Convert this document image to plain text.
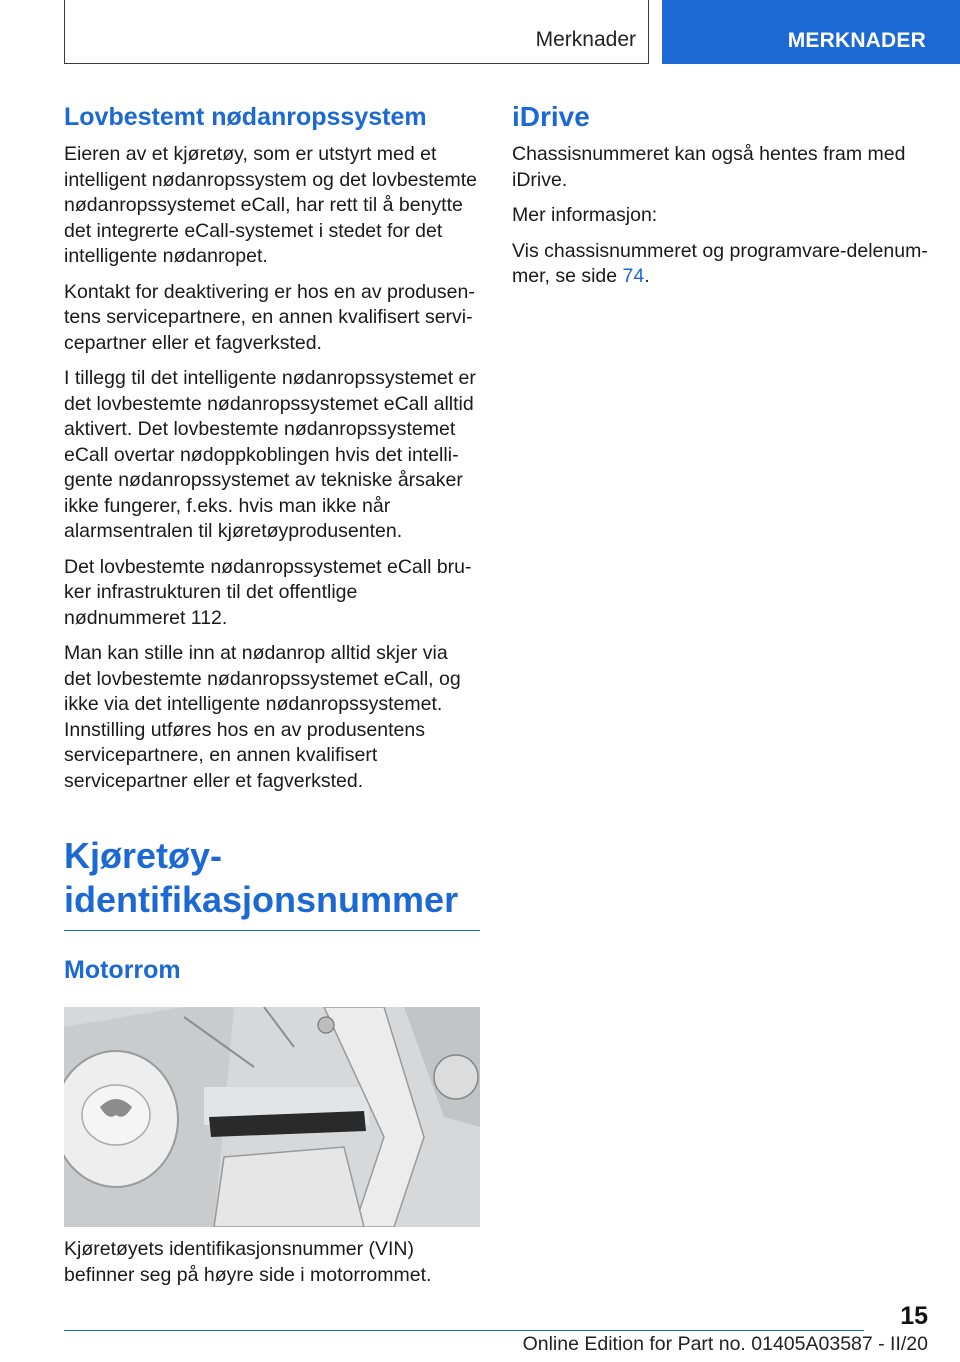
Merknader	MERKNADER
Lovbestemt nødanropssystem

Eieren av et kjøretøy, som er utstyrt med et intelligent nødanropssystem og det lovbestemte nødanropssystemet eCall, har rett til å benytte det integrerte eCall-systemet i stedet for det intelligente nødanropet.

Kontakt for deaktivering er hos en av produsentens servicepartnere, en annen kvalifisert servicepartner eller et fagverksted.

I tillegg til det intelligente nødanropssystemet er det lovbestemte nødanropssystemet eCall alltid aktivert. Det lovbestemte nødanropssystemet eCall overtar nødoppkoblingen hvis det intelligente nødanropssystemet av tekniske årsaker ikke fungerer, f.eks. hvis man ikke når alarmsentralen til kjøretøyprodusenten.

Det lovbestemte nødanropssystemet eCall bruker infrastrukturen til det offentlige nødnummeret 112.

Man kan stille inn at nødanrop alltid skjer via det lovbestemte nødanropssystemet eCall, og ikke via det intelligente nødanropssystemet. Innstilling utføres hos en av produsentens servicepartnere, en annen kvalifisert servicepartner eller et fagverksted.

Kjøretøy-identifikasjonsnummer
Motorrom

Kjøretøyets identifikasjonsnummer (VIN) befinner seg på høyre side i motorrommet.

iDrive

Chassisnummeret kan også hentes fram med iDrive.

Mer informasjon:

Vis chassisnummeret og programvare-delenummer, se side 74.

15
Online Edition for Part no. 01405A03587 - II/20
